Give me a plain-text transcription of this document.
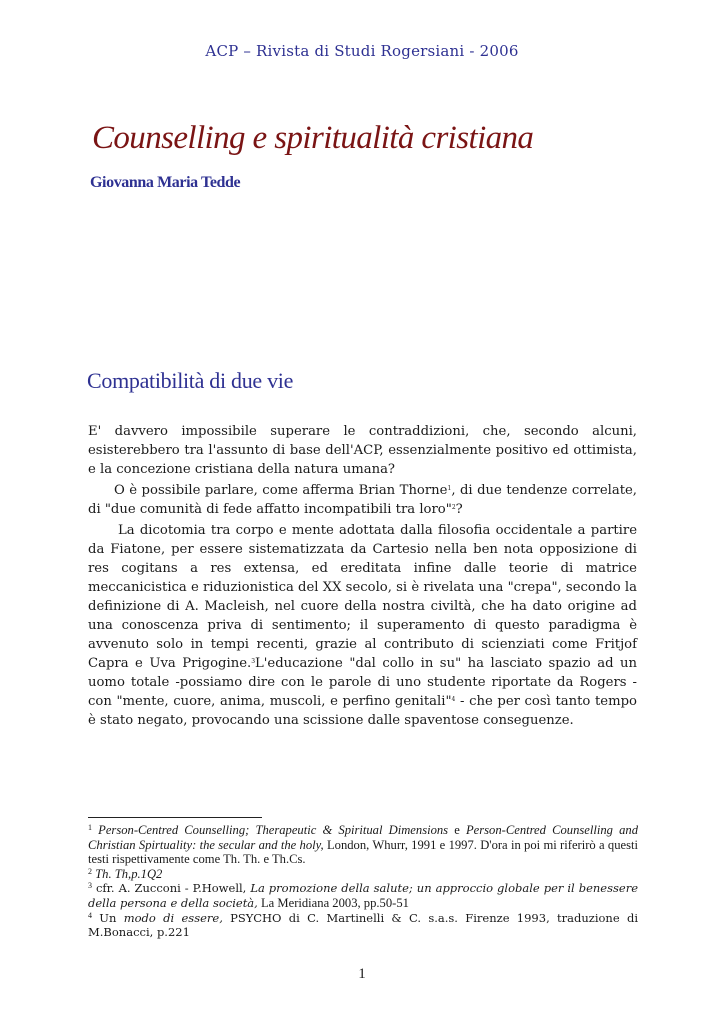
ACP – Rivista di Studi Rogersiani - 2006
Counselling e spiritualità cristiana
Giovanna Maria Tedde
Compatibilità di due vie

E' davvero impossibile superare le contraddizioni, che, secondo alcuni, esisterebbero tra l'assunto di base dell'ACP, essenzialmente positivo ed ottimista, e la concezione cristiana della natura umana?

O è possibile parlare, come afferma Brian Thorne$^1$, di due tendenze correlate, di "due comunità di fede affatto incompatibili tra loro"$^2$?

La dicotomia tra corpo e mente adottata dalla filosofia occidentale a partire da Fiatone, per essere sistematizzata da Cartesio nella ben nota opposizione di res cogitans a res extensa, ed ereditata infine dalle teorie di matrice meccanicistica e riduzionistica del XX secolo, si è rivelata una "crepa", secondo la definizione di A. Macleish, nel cuore della nostra civiltà, che ha dato origine ad una conoscenza priva di sentimento; il superamento di questo paradigma è avvenuto solo in tempi recenti, grazie al contributo di scienziati come Fritjof Capra e Uva Prigogine.$^3$L'educazione "dal collo in su" ha lasciato spazio ad un uomo totale -possiamo dire con le parole di uno studente riportate da Rogers - con "mente, cuore, anima, muscoli, e perfino genitali"$^4$ - che per così tanto tempo è stato negato, provocando una scissione dalle spaventose conseguenze.

$^1$ Person-Centred Counselling; Therapeutic & Spiritual Dimensions e Person-Centred Counselling and Christian Spirtuality: the secular and the holy, London, Whurr, 1991 e 1997. D'ora in poi mi riferirò a questi testi rispettivamente come Th. Th. e Th.Cs.

$^2$ Th. Th,p.1Q2

$^3$ cfr. A. Zucconi - P.Howell, La promozione della salute; un approccio globale per il benessere della persona e della società, La Meridiana 2003, pp.50-51

$^4$ Un modo di essere, PSYCHO di C. Martinelli & C. s.a.s. Firenze 1993, traduzione di M.Bonacci, p.221

1
